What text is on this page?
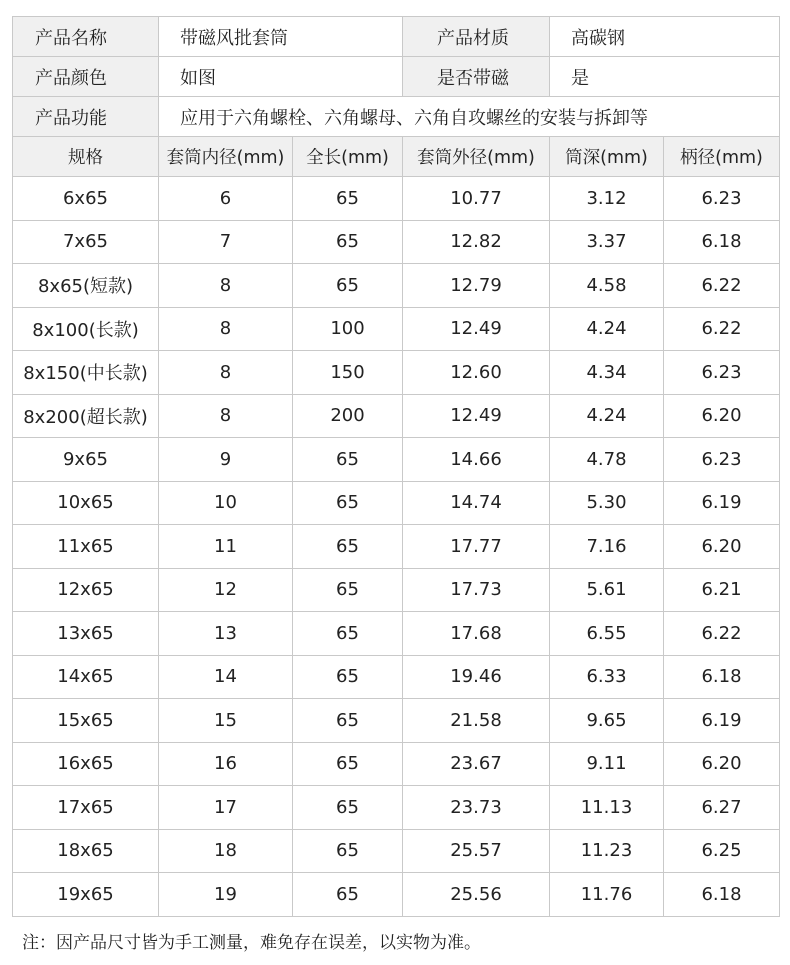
产品名称	带磁风批套筒		产品材质	高碳钢	
产品颜色	如图		是否带磁	是	
产品功能	应用于六角螺栓、六角螺母、六角自攻螺丝的安装与拆卸等				
规格	套筒内径(mm)	全长(mm)	套筒外径(mm)	筒深(mm)	柄径(mm)
6x65	6	65	10.77	3.12	6.23
7x65	7	65	12.82	3.37	6.18
8x65(短款)	8	65	12.79	4.58	6.22
8x100(长款)	8	100	12.49	4.24	6.22
8x150(中长款)	8	150	12.60	4.34	6.23
8x200(超长款)	8	200	12.49	4.24	6.20
9x65	9	65	14.66	4.78	6.23
10x65	10	65	14.74	5.30	6.19
11x65	11	65	17.77	7.16	6.20
12x65	12	65	17.73	5.61	6.21
13x65	13	65	17.68	6.55	6.22
14x65	14	65	19.46	6.33	6.18
15x65	15	65	21.58	9.65	6.19
16x65	16	65	23.67	9.11	6.20
17x65	17	65	23.73	11.13	6.27
18x65	18	65	25.57	11.23	6.25
19x65	19	65	25.56	11.76	6.18
注：因产品尺寸皆为手工测量，难免存在误差，以实物为准。
